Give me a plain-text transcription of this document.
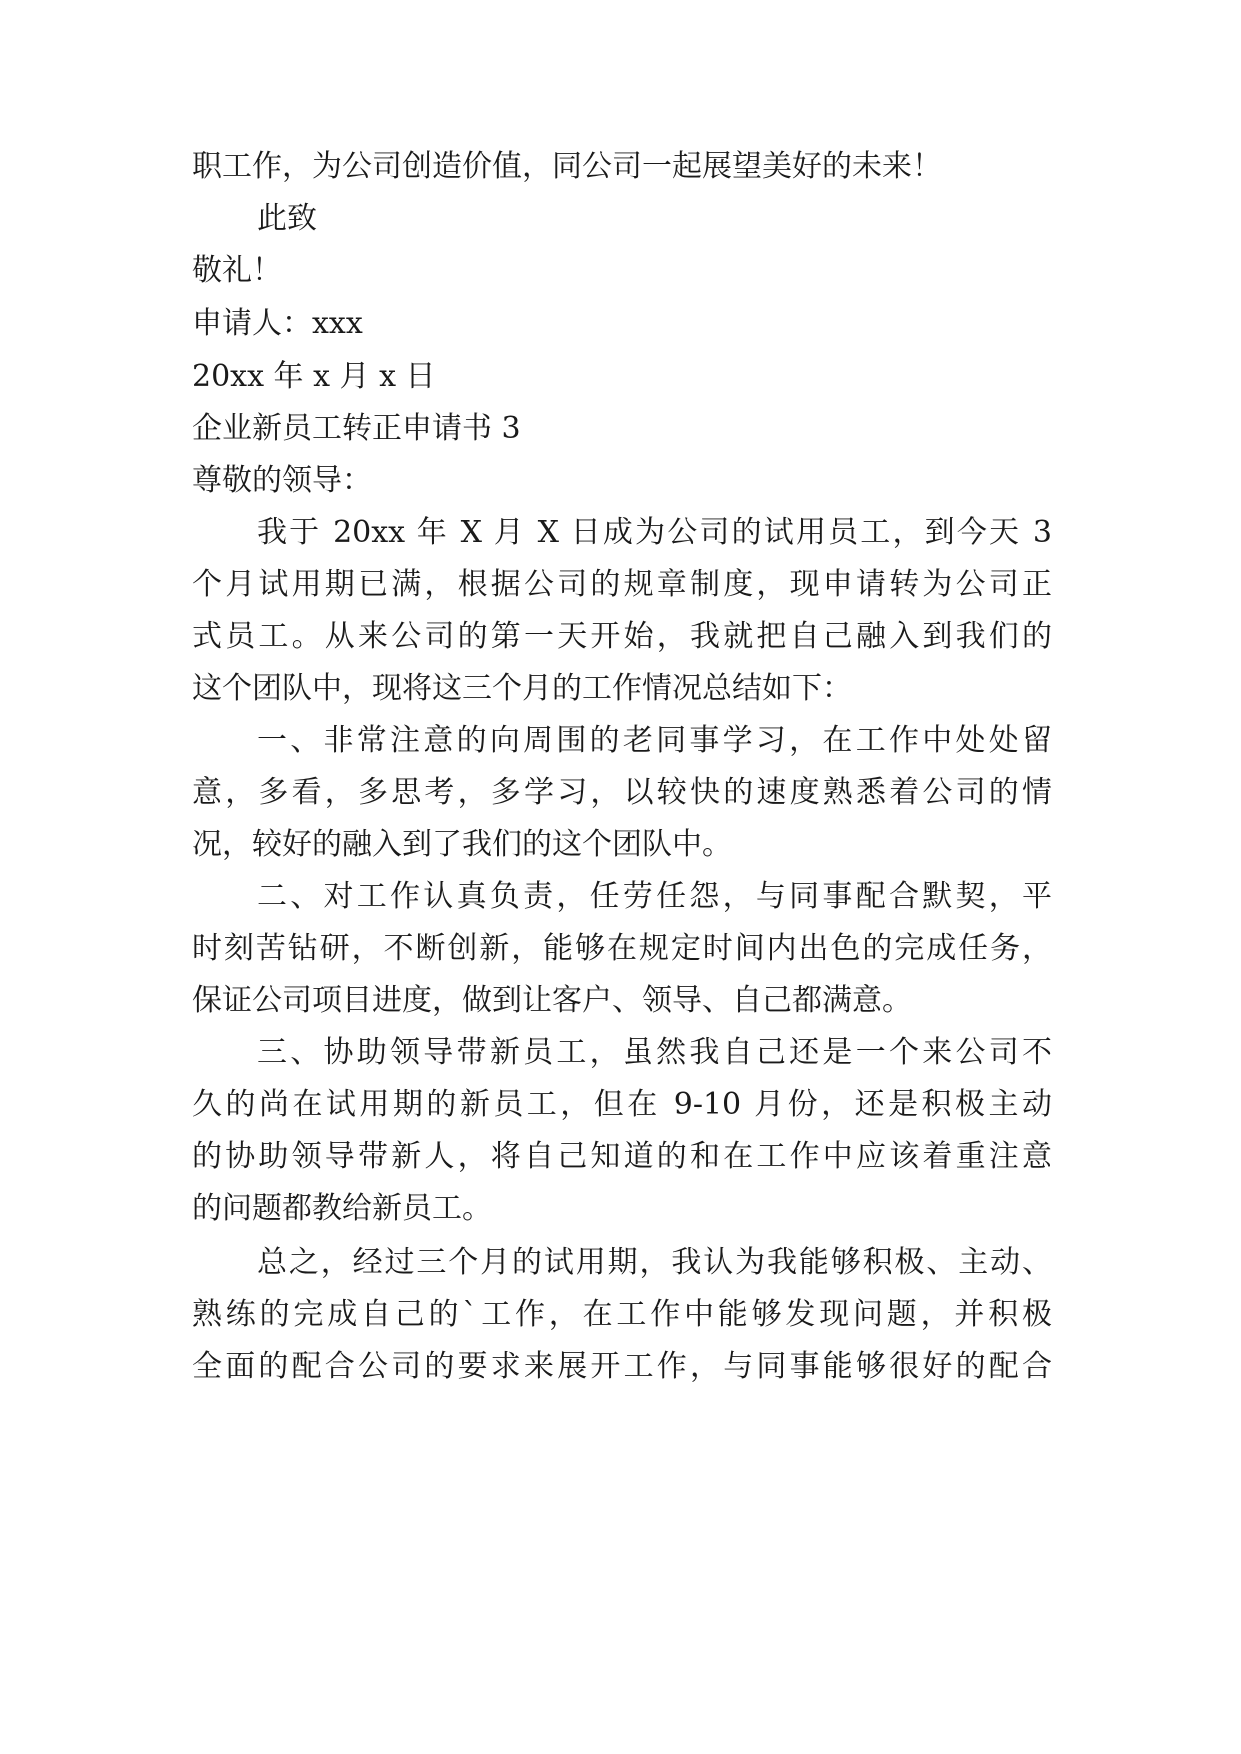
职工作，为公司创造价值，同公司一起展望美好的未来！
此致
敬礼！
申请人：xxx
20xx 年 x 月 x 日
企业新员工转正申请书 3
尊敬的领导：
我于 20xx 年 X 月 X 日成为公司的试用员工，到今天 3
个月试用期已满，根据公司的规章制度，现申请转为公司正
式员工。从来公司的第一天开始，我就把自己融入到我们的
这个团队中，现将这三个月的工作情况总结如下：
一、非常注意的向周围的老同事学习，在工作中处处留
意，多看，多思考，多学习，以较快的速度熟悉着公司的情
况，较好的融入到了我们的这个团队中。
二、对工作认真负责，任劳任怨，与同事配合默契，平
时刻苦钻研，不断创新，能够在规定时间内出色的完成任务，
保证公司项目进度，做到让客户、领导、自己都满意。
三、协助领导带新员工，虽然我自己还是一个来公司不
久的尚在试用期的新员工，但在 9-10 月份，还是积极主动
的协助领导带新人，将自己知道的和在工作中应该着重注意
的问题都教给新员工。
总之，经过三个月的试用期，我认为我能够积极、主动、
熟练的完成自己的`工作，在工作中能够发现问题，并积极
全面的配合公司的要求来展开工作，与同事能够很好的配合
